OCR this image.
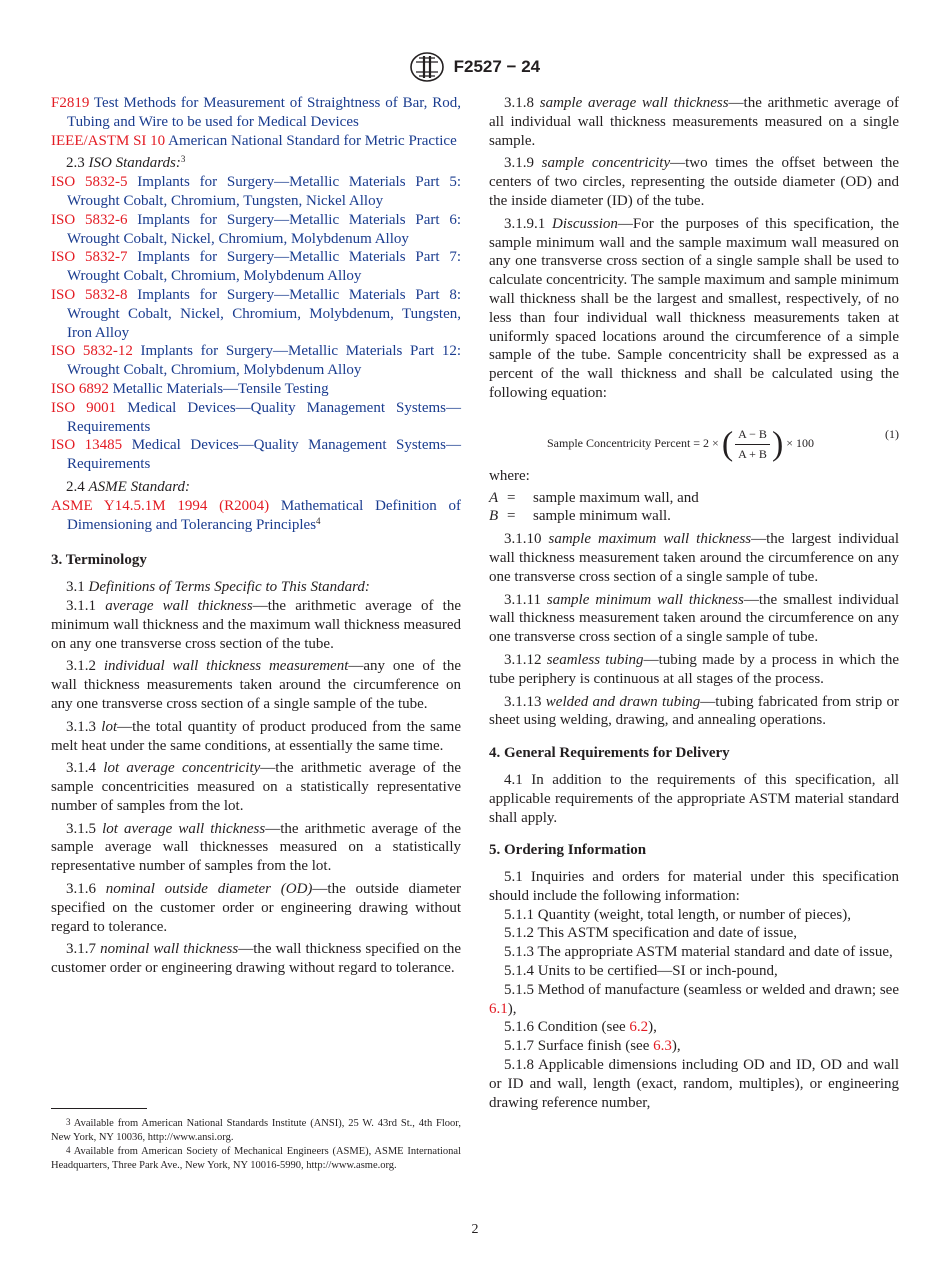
F2527 − 24

F2819 Test Methods for Measurement of Straightness of Bar, Rod, Tubing and Wire to be used for Medical Devices

IEEE/ASTM SI 10 American National Standard for Metric Practice

2.3 ISO Standards:$^3$

ISO 5832-5 Implants for Surgery—Metallic Materials Part 5: Wrought Cobalt, Chromium, Tungsten, Nickel Alloy

ISO 5832-6 Implants for Surgery—Metallic Materials Part 6: Wrought Cobalt, Nickel, Chromium, Molybdenum Alloy

ISO 5832-7 Implants for Surgery—Metallic Materials Part 7: Wrought Cobalt, Chromium, Molybdenum Alloy

ISO 5832-8 Implants for Surgery—Metallic Materials Part 8: Wrought Cobalt, Nickel, Chromium, Molybdenum, Tungsten, Iron Alloy

ISO 5832-12 Implants for Surgery—Metallic Materials Part 12: Wrought Cobalt, Chromium, Molybdenum Alloy

ISO 6892 Metallic Materials—Tensile Testing

ISO 9001 Medical Devices—Quality Management Systems—Requirements

ISO 13485 Medical Devices—Quality Management Systems—Requirements

2.4 ASME Standard:

ASME Y14.5.1M 1994 (R2004) Mathematical Definition of Dimensioning and Tolerancing Principles$^4$

3. Terminology

3.1 Definitions of Terms Specific to This Standard:

3.1.1 average wall thickness—the arithmetic average of the minimum wall thickness and the maximum wall thickness measured on any one transverse cross section of the tube.

3.1.2 individual wall thickness measurement—any one of the wall thickness measurements taken around the circumference on any one transverse cross section of a single sample of the tube.

3.1.3 lot—the total quantity of product produced from the same melt heat under the same conditions, at essentially the same time.

3.1.4 lot average concentricity—the arithmetic average of the sample concentricities measured on a statistically representative number of samples from the lot.

3.1.5 lot average wall thickness—the arithmetic average of the sample average wall thicknesses measured on a statistically representative number of samples from the lot.

3.1.6 nominal outside diameter (OD)—the outside diameter specified on the customer order or engineering drawing without regard to tolerance.

3.1.7 nominal wall thickness—the wall thickness specified on the customer order or engineering drawing without regard to tolerance.

3.1.8 sample average wall thickness—the arithmetic average of all individual wall thickness measurements measured on a single sample.

3.1.9 sample concentricity—two times the offset between the centers of two circles, representing the outside diameter (OD) and the inside diameter (ID) of the tube.

3.1.9.1 Discussion—For the purposes of this specification, the sample minimum wall and the sample maximum wall measured on any one transverse cross section of a single sample shall be used to calculate concentricity. The sample maximum and sample minimum wall thickness shall be the largest and smallest, respectively, of no less than four individual wall thickness measurements taken at uniformly spaced locations around the circumference of a simple sample of the tube. Sample concentricity shall be expressed as a percent of the wall thickness and shall be calculated using the following equation:

Sample Concentricity Percent = 2 × ( $\frac{A - B}{A + B}$ ) × 100
(1)

where:

A = sample maximum wall, and

B = sample minimum wall.

3.1.10 sample maximum wall thickness—the largest individual wall thickness measurement taken around the circumference on any one transverse cross section of a single sample of tube.

3.1.11 sample minimum wall thickness—the smallest individual wall thickness measurement taken around the circumference on any one transverse cross section of a single sample of tube.

3.1.12 seamless tubing—tubing made by a process in which the tube periphery is continuous at all stages of the process.

3.1.13 welded and drawn tubing—tubing fabricated from strip or sheet using welding, drawing, and annealing operations.

4. General Requirements for Delivery

4.1 In addition to the requirements of this specification, all applicable requirements of the appropriate ASTM material standard shall apply.

5. Ordering Information

5.1 Inquiries and orders for material under this specification should include the following information:

5.1.1 Quantity (weight, total length, or number of pieces),

5.1.2 This ASTM specification and date of issue,

5.1.3 The appropriate ASTM material standard and date of issue,

5.1.4 Units to be certified—SI or inch-pound,

5.1.5 Method of manufacture (seamless or welded and drawn; see 6.1),

5.1.6 Condition (see 6.2),

5.1.7 Surface finish (see 6.3),

5.1.8 Applicable dimensions including OD and ID, OD and wall or ID and wall, length (exact, random, multiples), or engineering drawing reference number,

$^3$ Available from American National Standards Institute (ANSI), 25 W. 43rd St., 4th Floor, New York, NY 10036, http://www.ansi.org.

$^4$ Available from American Society of Mechanical Engineers (ASME), ASME International Headquarters, Three Park Ave., New York, NY 10016-5990, http://www.asme.org.

2
